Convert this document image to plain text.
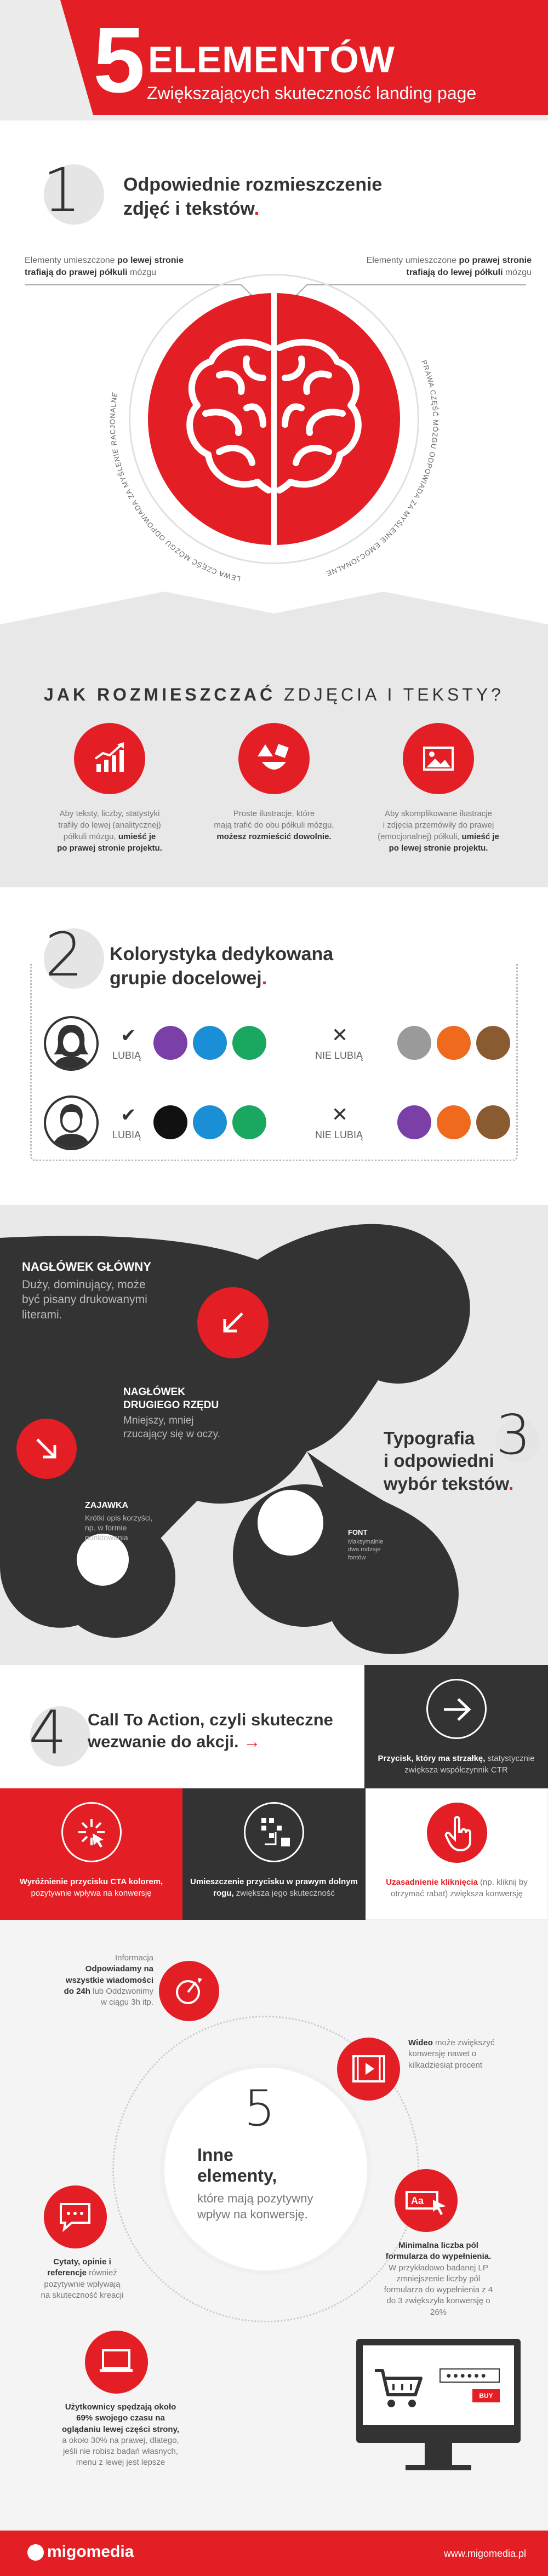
5 ELEMENTÓW
Zwiększających skuteczność landing page
1 Odpowiednie rozmieszczenie
zdjęć i tekstów .
Elementy umieszczone po lewej stronie
trafiają do prawej półkuli mózgu
Elementy umieszczone po prawej stronie
trafiają do lewej półkuli mózgu
LEWA CZĘŚĆ MÓZGU ODPOWIADA ZA MYŚLENIE RACJONALNE
PRAWA CZĘŚĆ MÓZGU ODPOWIADA ZA MYŚLENIE EMOCJONALNE
JAK ROZMIESZCZAĆ ZDJĘCIA I TEKSTY?
Aby teksty, liczby, statystyki
trafiły do lewej (analitycznej)
półkuli mózgu, umieść je
po prawej stronie projektu.
Proste ilustracje, które
mają trafić do obu półkuli mózgu,
możesz rozmieścić dowolnie.
Aby skomplikowane ilustracje
i zdjęcia przemówiły do prawej
(emocjonalnej) półkuli, umieść je
po lewej stronie projektu.
2 Kolorystyka dedykowana
grupie docelowej .
✔
LUBIĄ
✕
NIE LUBIĄ
✔
LUBIĄ
✕
NIE LUBIĄ
NAGŁÓWEK GŁÓWNY
Duży, dominujący, może
być pisany drukowanymi
literami.
NAGŁÓWEK
DRUGIEGO RZĘDU
Mniejszy, mniej
rzucający się w oczy.
ZAJAWKA
Krótki opis korzyści,
np. w formie
punktowania
FONT
Maksymalnie
dwa rodzaje
fontów
Typografia
i odpowiedni
wybór tekstów .
3
4 Call To Action, czyli skuteczne
wezwanie do akcji. →
Przycisk, który ma strzałkę, statystycznie zwiększa współczynnik CTR
Wyróżnienie przycisku CTA kolorem, pozytywnie wpływa na konwersję
Umieszczenie przycisku w prawym dolnym rogu, zwiększa jego skuteczność
Uzasadnienie kliknięcia (np. kliknij by otrzymać rabat) zwiększa konwersję
5
Inne
elementy,
które mają pozytywny
wpływ na konwersję .
Informacja Odpowiadamy na wszystkie wiadomości do 24h lub Oddzwonimy w ciągu 3h itp.
Wideo może zwiększyć konwersję nawet o kilkadziesiąt procent
Cytaty, opinie i referencje również pozytywnie wpływają na skuteczność kreacji
Aa
Minimalna liczba pól formularza do wypełnienia. W przykładowo badanej LP zmniejszenie liczby pól formularza do wypełnienia z 4 do 3 zwiększyła konwersję o 26%
Użytkownicy spędzają około 69% swojego czasu na oglądaniu lewej części strony, a około 30% na prawej, dlatego, jeśli nie robisz badań własnych, menu z lewej jest lepsze
●●●●●●
BUY
migomedia	www.migomedia.pl
